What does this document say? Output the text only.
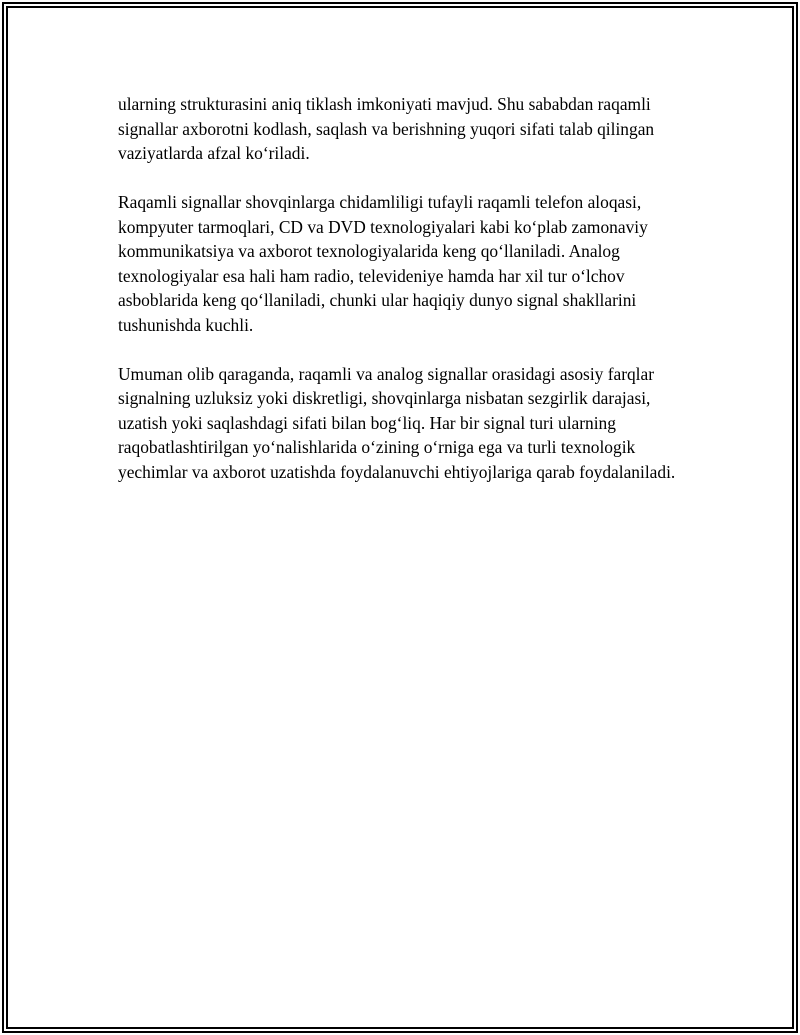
ularning strukturasini aniq tiklash imkoniyati mavjud. Shu sababdan raqamli signallar axborotni kodlash, saqlash va berishning yuqori sifati talab qilingan vaziyatlarda afzal koʻriladi.

Raqamli signallar shovqinlarga chidamliligi tufayli raqamli telefon aloqasi, kompyuter tarmoqlari, CD va DVD texnologiyalari kabi koʻplab zamonaviy kommunikatsiya va axborot texnologiyalarida keng qoʻllaniladi. Analog texnologiyalar esa hali ham radio, televideniye hamda har xil tur oʻlchov asboblarida keng qoʻllaniladi, chunki ular haqiqiy dunyo signal shakllarini tushunishda kuchli.

Umuman olib qaraganda, raqamli va analog signallar orasidagi asosiy farqlar signalning uzluksiz yoki diskretligi, shovqinlarga nisbatan sezgirlik darajasi, uzatish yoki saqlashdagi sifati bilan bogʻliq. Har bir signal turi ularning raqobatlashtirilgan yoʻnalishlarida oʻzining oʻrniga ega va turli texnologik yechimlar va axborot uzatishda foydalanuvchi ehtiyojlariga qarab foydalaniladi.
